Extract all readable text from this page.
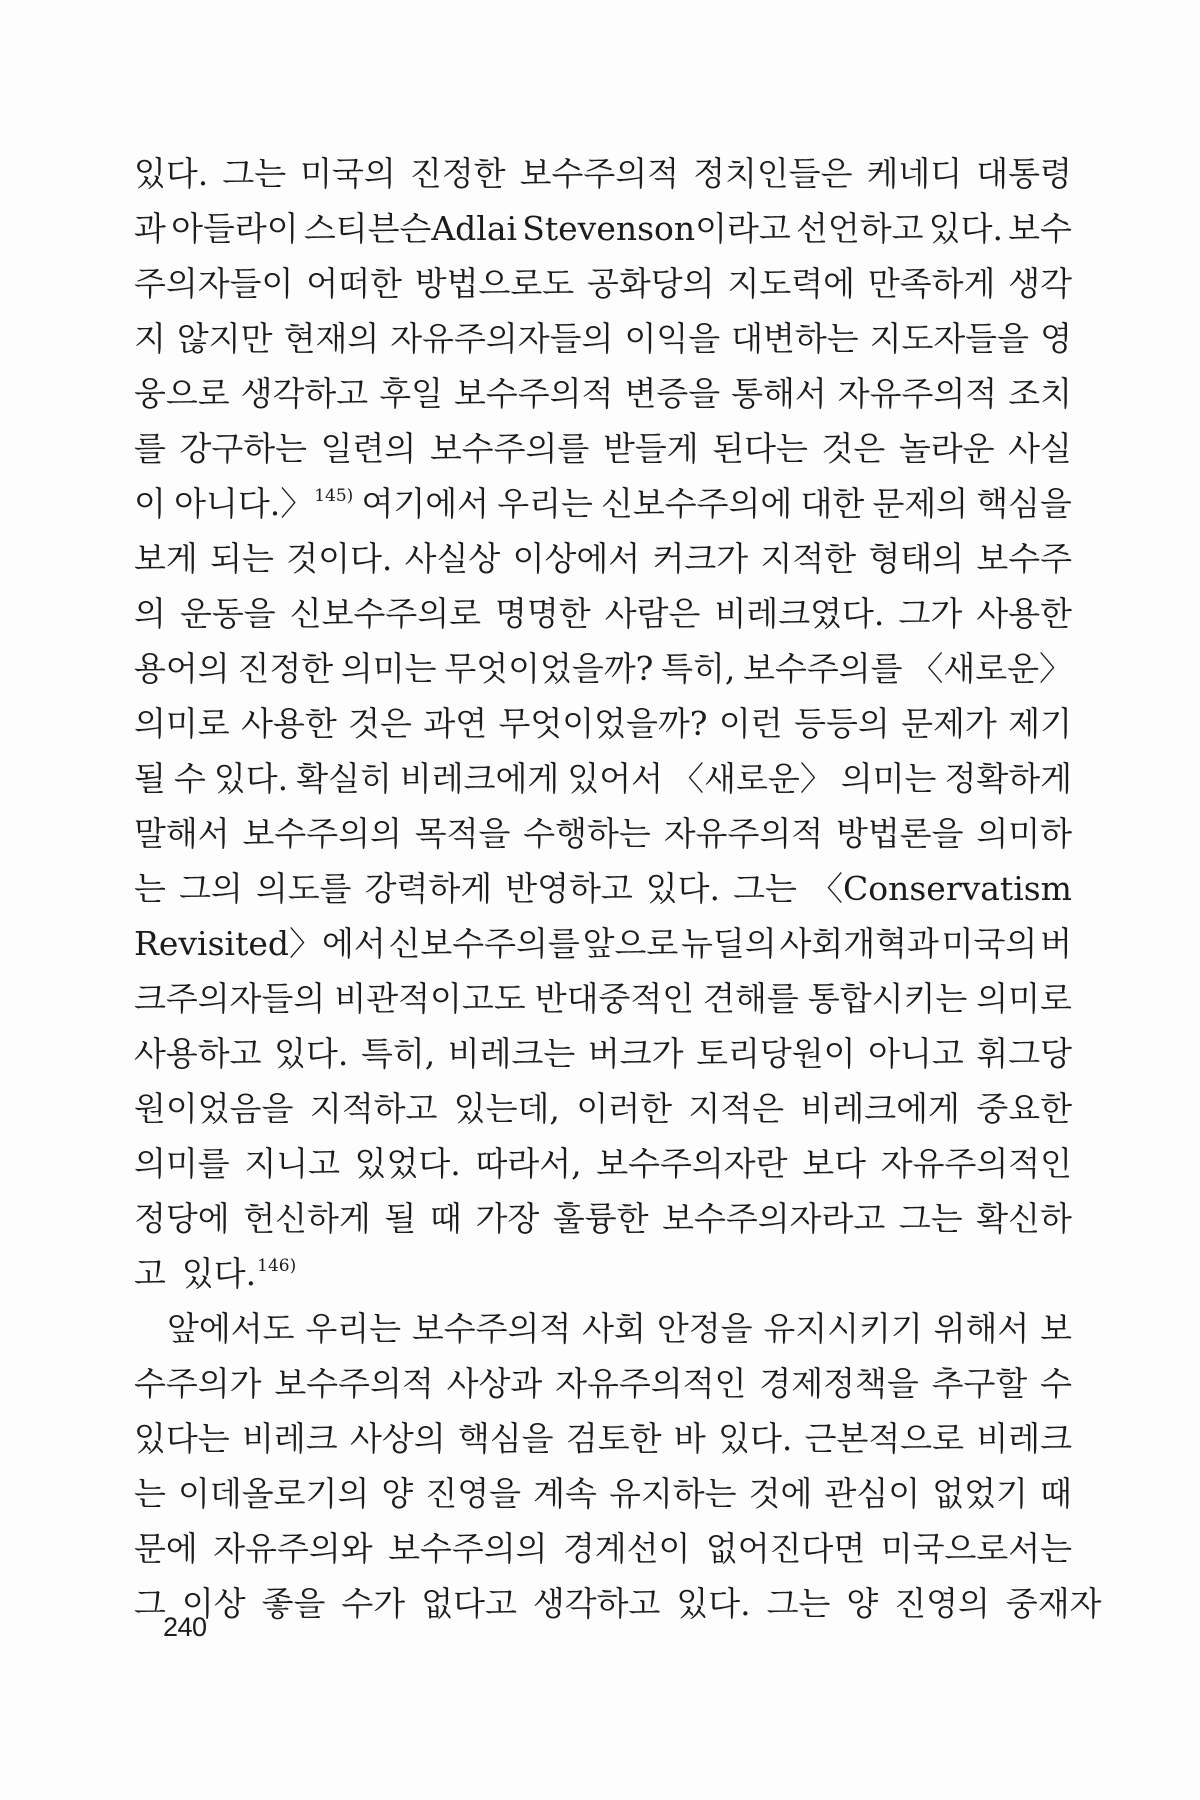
있다. 그는 미국의 진정한 보수주의적 정치인들은 케네디 대통령
과 아들라이 스티븐슨Adlai Stevenson이라고 선언하고 있다. 보수
주의자들이 어떠한 방법으로도 공화당의 지도력에 만족하게 생각
지 않지만 현재의 자유주의자들의 이익을 대변하는 지도자들을 영
웅으로 생각하고 후일 보수주의적 변증을 통해서 자유주의적 조치
를 강구하는 일련의 보수주의를 받들게 된다는 것은 놀라운 사실
이 아니다.〉$^{145)}$ 여기에서 우리는 신보수주의에 대한 문제의 핵심을
보게 되는 것이다. 사실상 이상에서 커크가 지적한 형태의 보수주
의 운동을 신보수주의로 명명한 사람은 비레크였다. 그가 사용한
용어의 진정한 의미는 무엇이었을까? 특히, 보수주의를 〈새로운〉
의미로 사용한 것은 과연 무엇이었을까? 이런 등등의 문제가 제기
될 수 있다. 확실히 비레크에게 있어서 〈새로운〉 의미는 정확하게
말해서 보수주의의 목적을 수행하는 자유주의적 방법론을 의미하
는 그의 의도를 강력하게 반영하고 있다. 그는 〈Conservatism
Revisited〉에서 신보수주의를 앞으로 뉴딜의 사회개혁과 미국의 버
크주의자들의 비관적이고도 반대중적인 견해를 통합시키는 의미로
사용하고 있다. 특히, 비레크는 버크가 토리당원이 아니고 휘그당
원이었음을 지적하고 있는데, 이러한 지적은 비레크에게 중요한
의미를 지니고 있었다. 따라서, 보수주의자란 보다 자유주의적인
정당에 헌신하게 될 때 가장 훌륭한 보수주의자라고 그는 확신하
고 있다.$^{146)}$
앞에서도 우리는 보수주의적 사회 안정을 유지시키기 위해서 보
수주의가 보수주의적 사상과 자유주의적인 경제정책을 추구할 수
있다는 비레크 사상의 핵심을 검토한 바 있다. 근본적으로 비레크
는 이데올로기의 양 진영을 계속 유지하는 것에 관심이 없었기 때
문에 자유주의와 보수주의의 경계선이 없어진다면 미국으로서는
그 이상 좋을 수가 없다고 생각하고 있다. 그는 양 진영의 중재자
240
